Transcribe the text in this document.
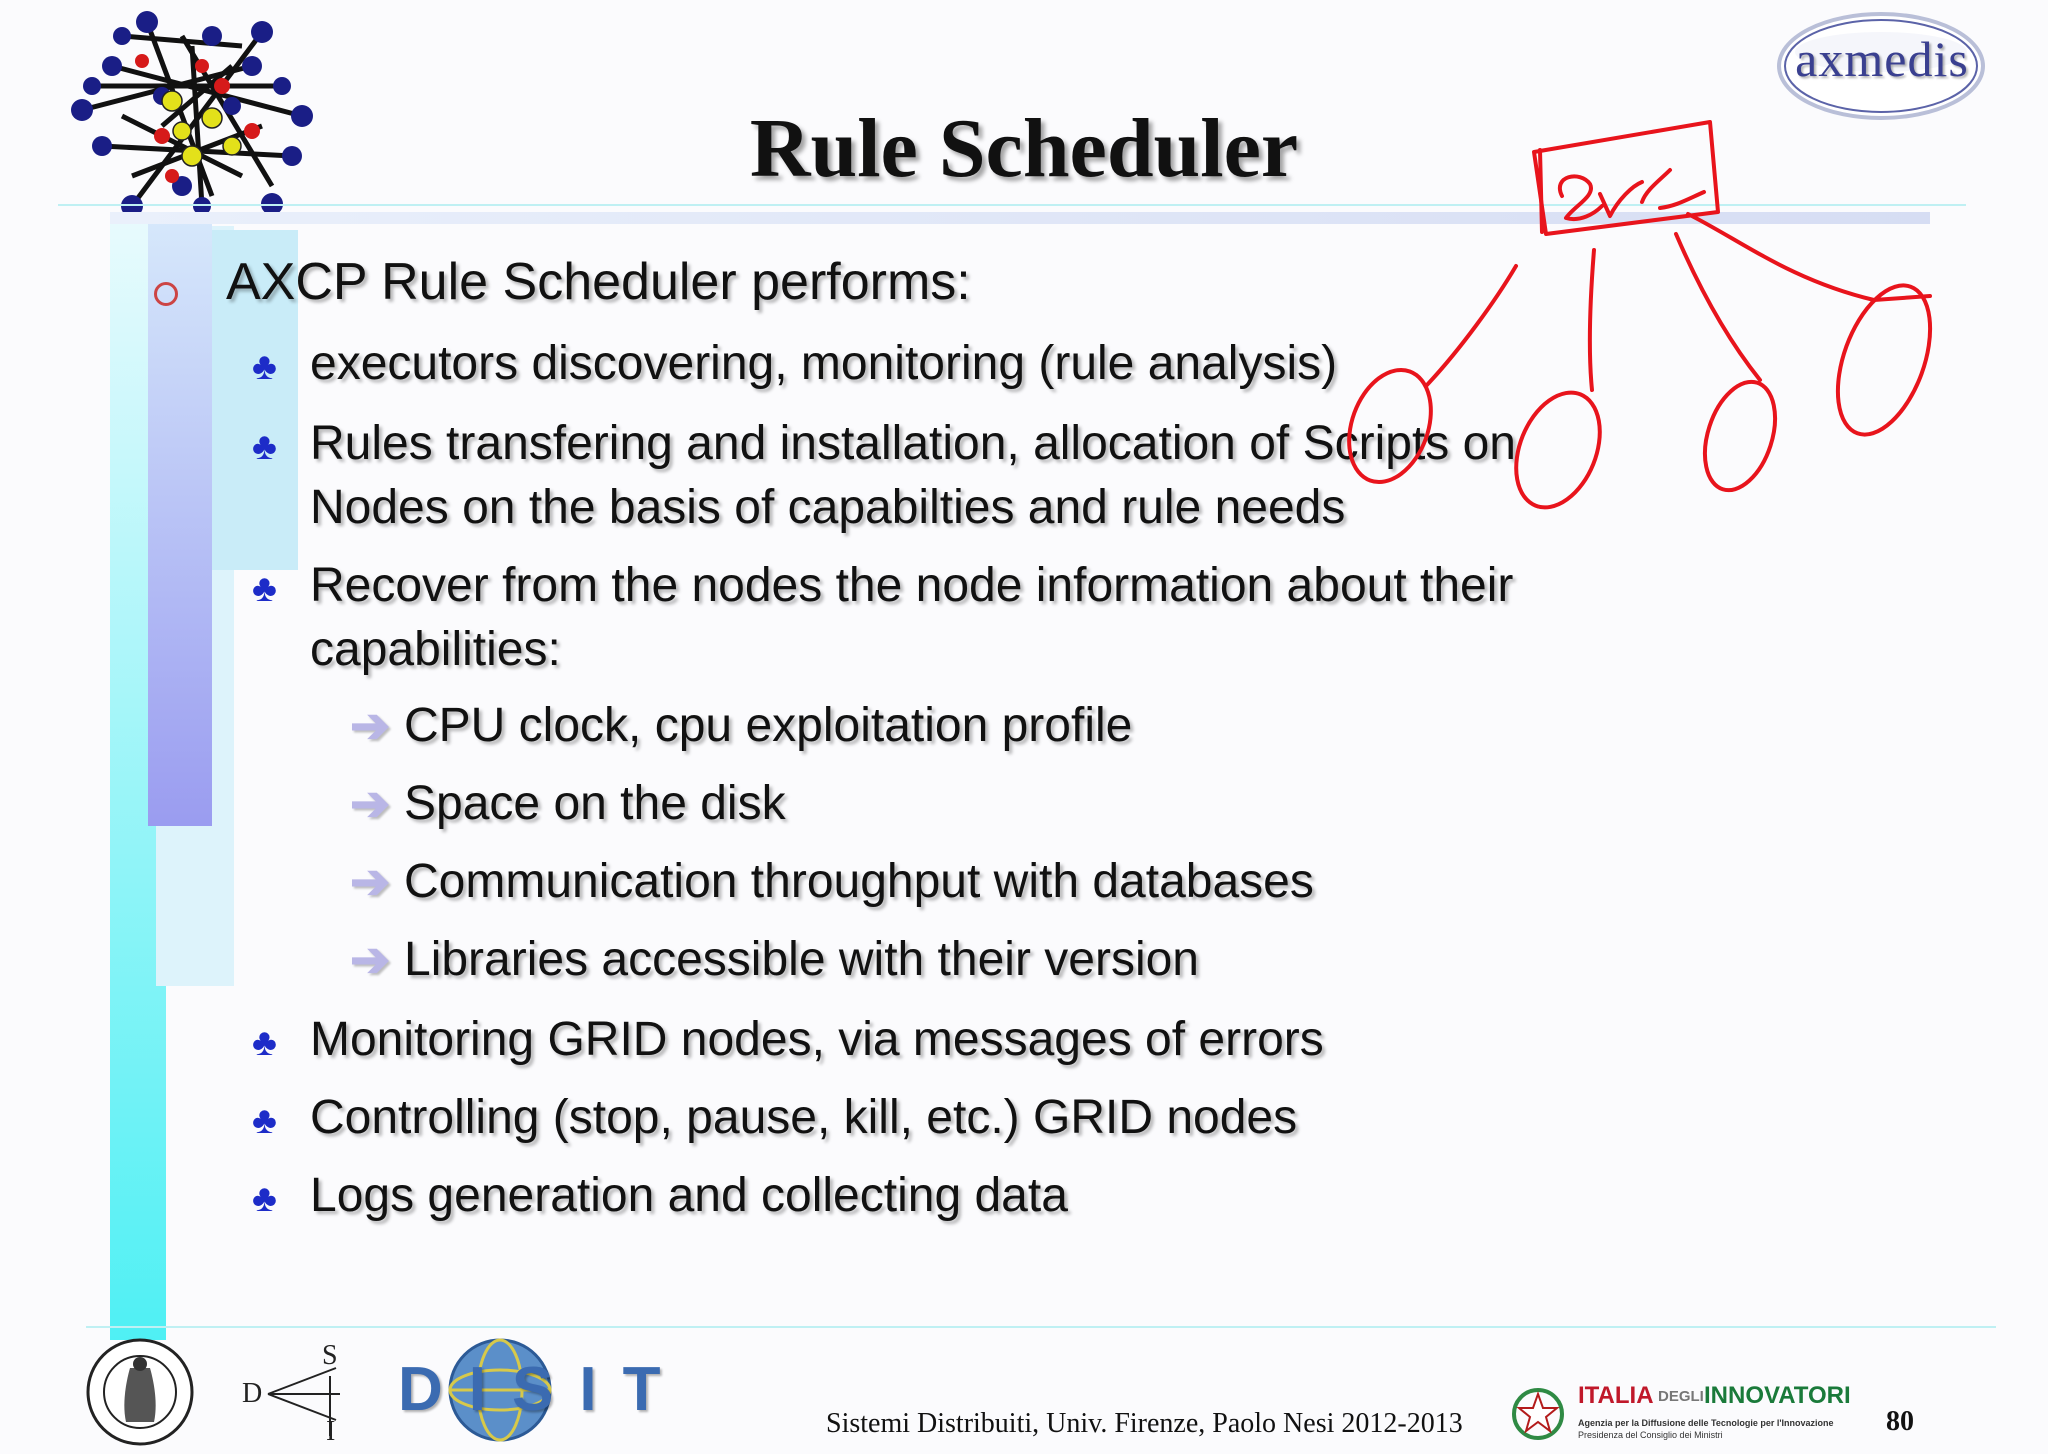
axmedis
Rule Scheduler
AXCP Rule Scheduler performs:
♣ executors discovering, monitoring (rule analysis)
♣ Rules transfering and installation, allocation of Scripts on
Nodes on the basis of capabilties and rule needs
♣ Recover from the nodes the node information about their
capabilities:
➔ CPU clock, cpu exploitation profile
➔ Space on the disk
➔ Communication throughput with databases
➔ Libraries accessible with their version
♣ Monitoring GRID nodes, via messages of errors
♣ Controlling (stop, pause, kill, etc.) GRID nodes
♣ Logs generation and collecting data
D
S
I
DISIT	Sistemi Distribuiti, Univ. Firenze, Paolo Nesi 2012-2013
ITALIA DEGLI INNOVATORI
Agenzia per la Diffusione delle Tecnologie per l'Innovazione
Presidenza del Consiglio dei Ministri	80
